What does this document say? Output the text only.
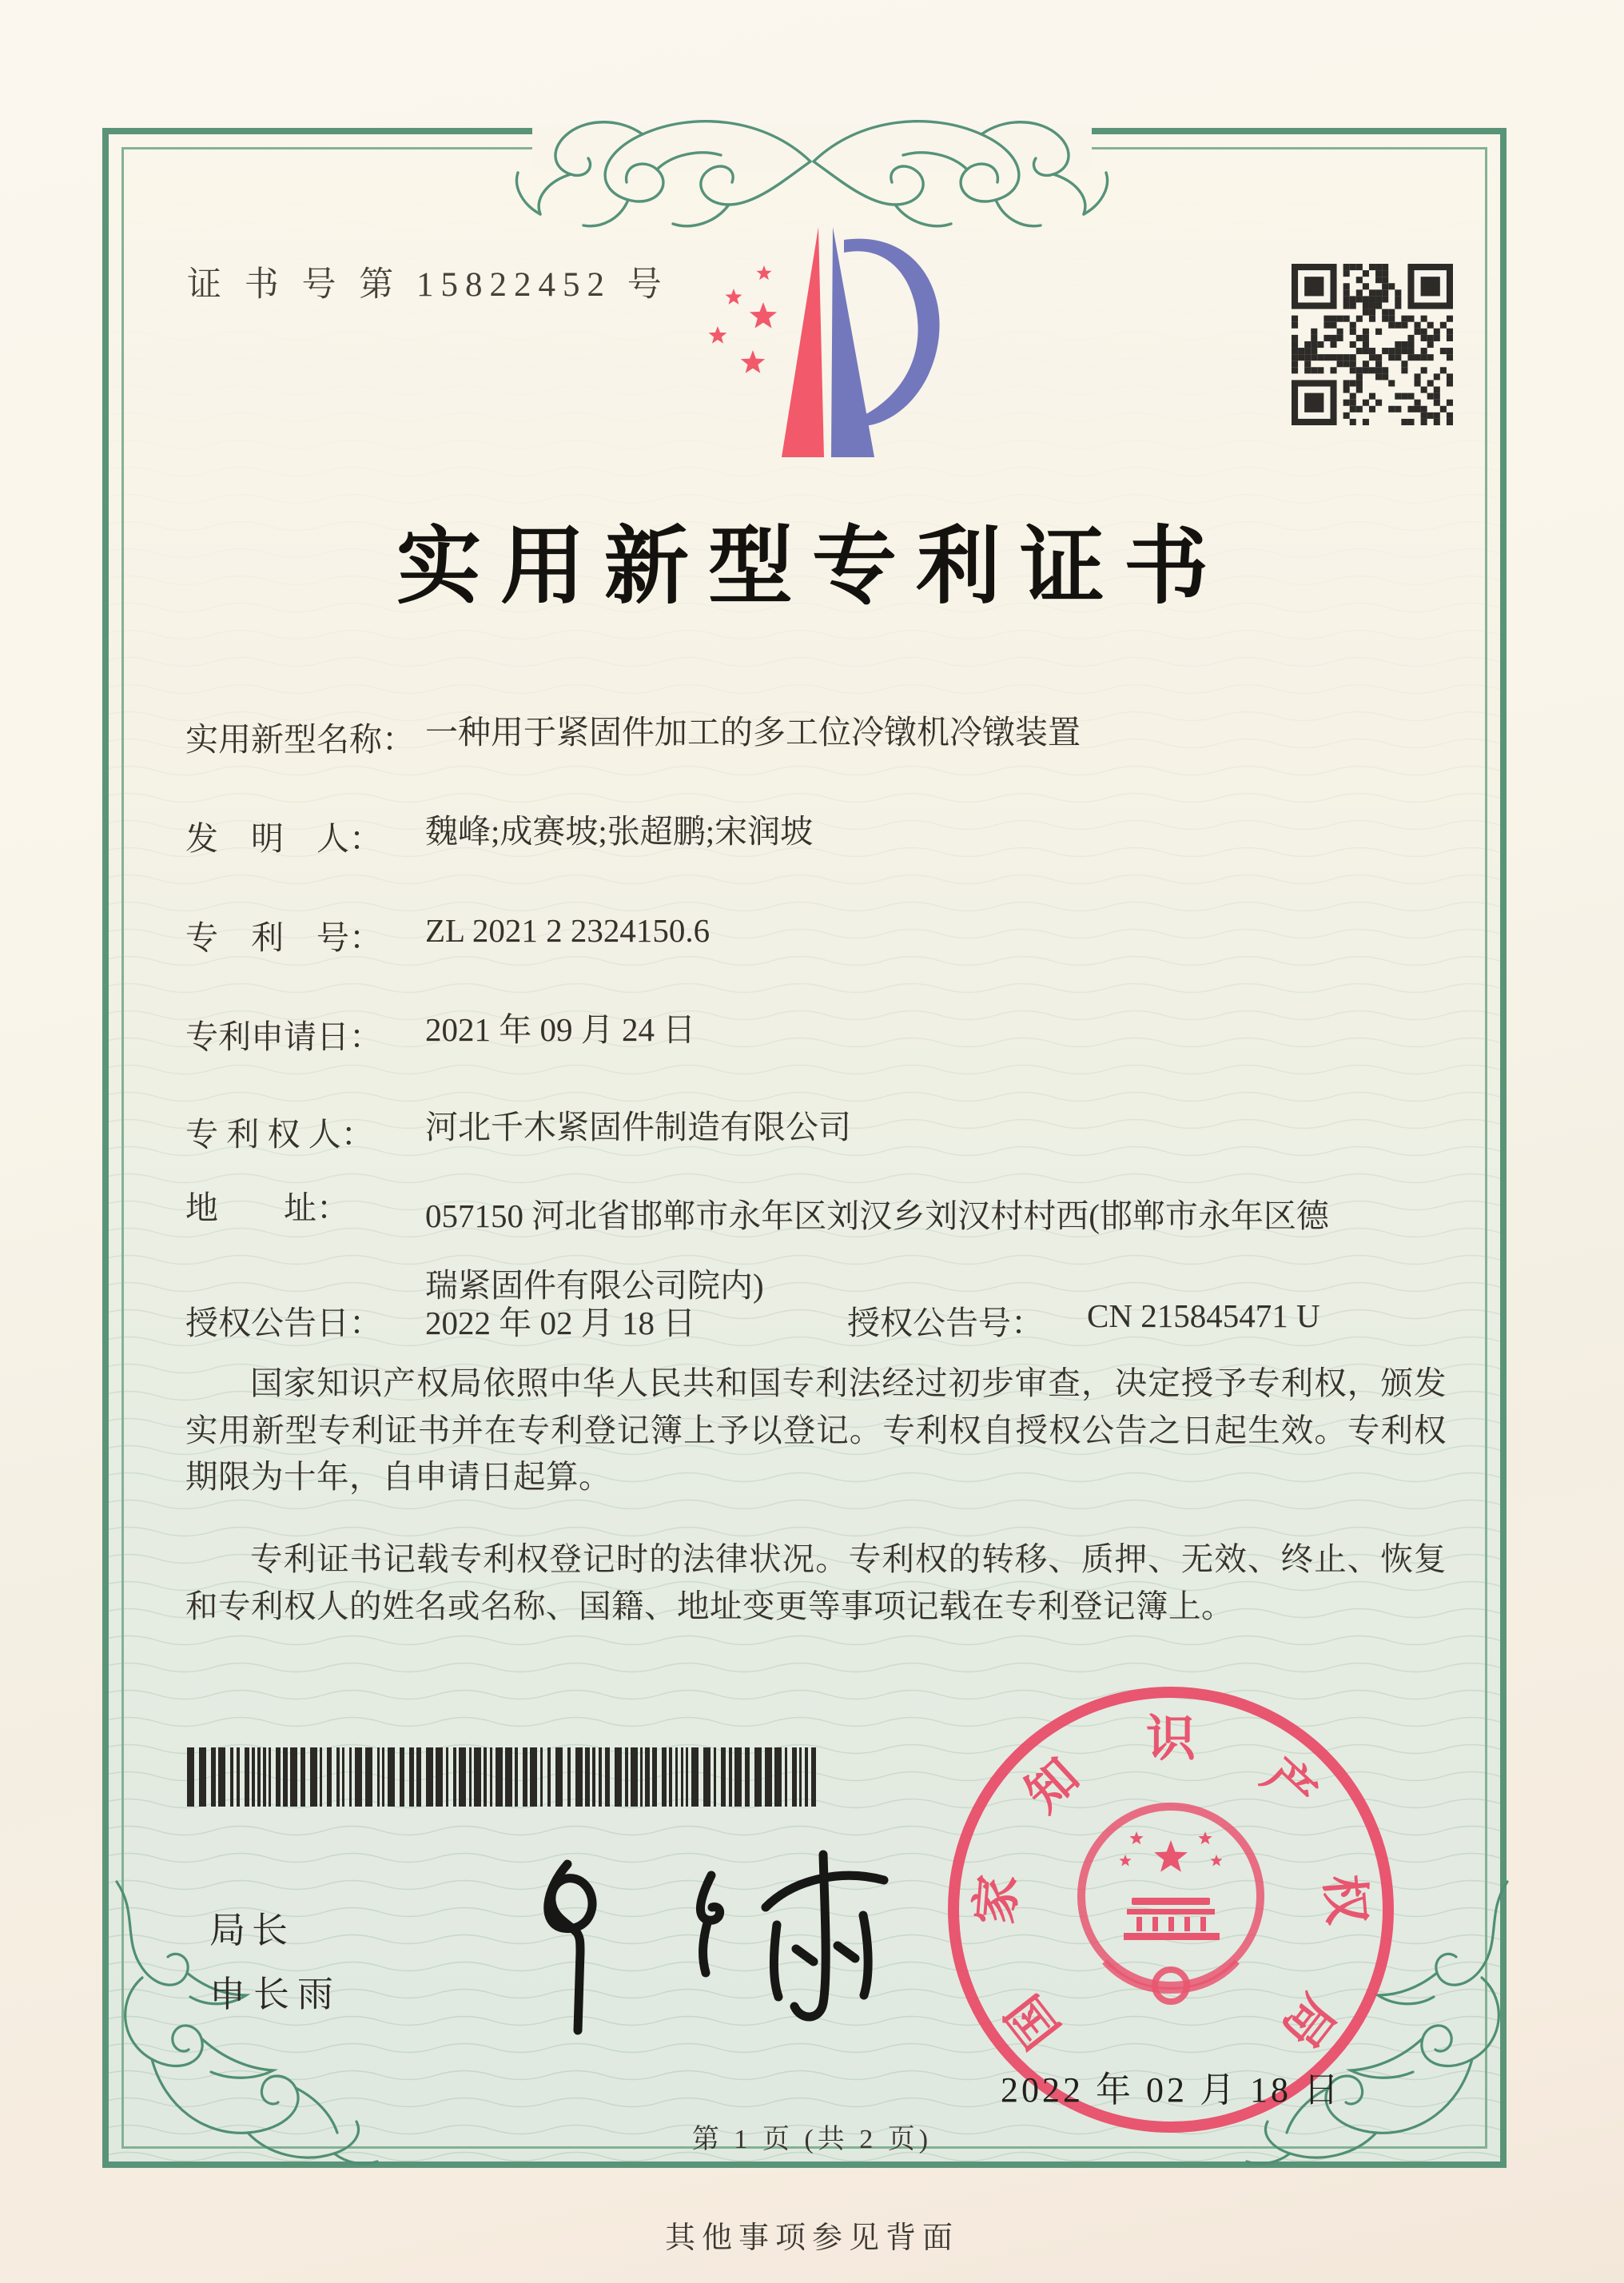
证 书 号 第 15822452 号
实用新型专利证书
实用新型名称： 一种用于紧固件加工的多工位冷镦机冷镦装置
发　明　人：	魏峰;成赛坡;张超鹏;宋润坡
专　利　号：	ZL 2021 2 2324150.6
专利申请日：	2021 年 09 月 24 日
专 利 权 人：	河北千木紧固件制造有限公司
地　　址：	057150 河北省邯郸市永年区刘汉乡刘汉村村西(邯郸市永年区德瑞紧固件有限公司院内)
授权公告日：	2022 年 02 月 18 日	授权公告号：	CN 215845471 U

国家知识产权局依照中华人民共和国专利法经过初步审查，决定授予专利权，颁发实用新型专利证书并在专利登记簿上予以登记。专利权自授权公告之日起生效。专利权期限为十年，自申请日起算。

专利证书记载专利权登记时的法律状况。专利权的转移、质押、无效、终止、恢复和专利权人的姓名或名称、国籍、地址变更等事项记载在专利登记簿上。

局长
申长雨	国
家
知
识
产
权
局
2022 年 02 月 18 日
第 1 页 (共 2 页)
其他事项参见背面
